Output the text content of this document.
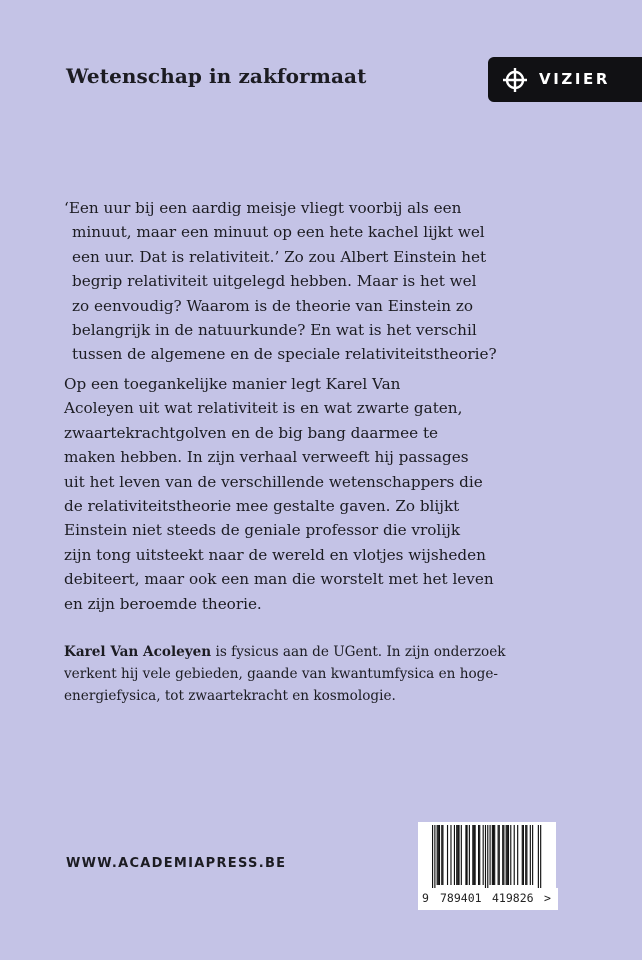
Wetenschap in zakformaat	VIZIER

‘Een uur bij een aardig meisje vliegt voorbij als een
minuut, maar een minuut op een hete kachel lijkt wel
een uur. Dat is relativiteit.’ Zo zou Albert Einstein het
begrip relativiteit uitgelegd hebben. Maar is het wel
zo eenvoudig? Waarom is de theorie van Einstein zo
belangrijk in de natuurkunde? En wat is het verschil
tussen de algemene en de speciale relativiteitstheorie?

Op een toegankelijke manier legt Karel Van
Acoleyen uit wat relativiteit is en wat zwarte gaten,
zwaartekrachtgolven en de big bang daarmee te
maken hebben. In zijn verhaal verweeft hij passages
uit het leven van de verschillende wetenschappers die
de relativiteitstheorie mee gestalte gaven. Zo blijkt
Einstein niet steeds de geniale professor die vrolijk
zijn tong uitsteekt naar de wereld en vlotjes wijsheden
debiteert, maar ook een man die worstelt met het leven
en zijn beroemde theorie.

Karel Van Acoleyen is fysicus aan de UGent. In zijn onderzoek
verkent hij vele gebieden, gaande van kwantumfysica en hoge-
energiefysica, tot zwaartekracht en kosmologie.

WWW.ACADEMIAPRESS.BE
9 789401 419826 >
